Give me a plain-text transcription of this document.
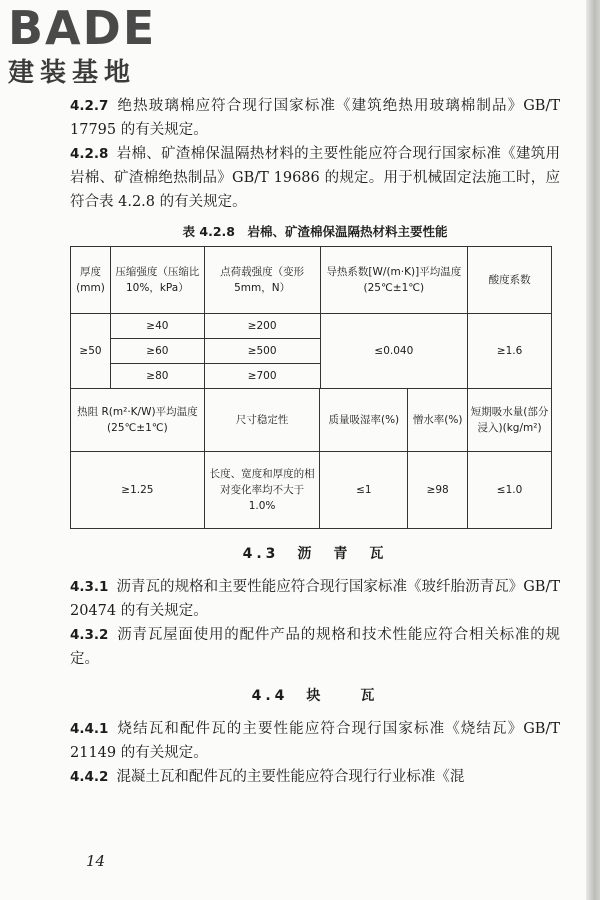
BADE
建装基地

4.2.7 绝热玻璃棉应符合现行国家标准《建筑绝热用玻璃棉制品》GB/T 17795 的有关规定。

4.2.8 岩棉、矿渣棉保温隔热材料的主要性能应符合现行国家标准《建筑用岩棉、矿渣棉绝热制品》GB/T 19686 的规定。用于机械固定法施工时，应符合表 4.2.8 的有关规定。

表 4.2.8　岩棉、矿渣棉保温隔热材料主要性能
厚度(mm)	压缩强度（压缩比10%，kPa）	点荷载强度（变形5mm，N）	导热系数[W/(m·K)]平均温度(25℃±1℃)	酸度系数
≥50	≥40	≥200	≤0.040	≥1.6
	≥60	≥500		
	≥80	≥700		
热阻 R(m²·K/W)平均温度(25℃±1℃)	尺寸稳定性	质量吸湿率(%)	憎水率(%)	短期吸水量(部分浸入)(kg/m²)
≥1.25	长度、宽度和厚度的相对变化率均不大于 1.0%	≤1	≥98	≤1.0
4.3　沥　青　瓦

4.3.1 沥青瓦的规格和主要性能应符合现行国家标准《玻纤胎沥青瓦》GB/T 20474 的有关规定。

4.3.2 沥青瓦屋面使用的配件产品的规格和技术性能应符合相关标准的规定。

4.4　块　　瓦

4.4.1 烧结瓦和配件瓦的主要性能应符合现行国家标准《烧结瓦》GB/T 21149 的有关规定。

4.4.2 混凝土瓦和配件瓦的主要性能应符合现行行业标准《混

14
